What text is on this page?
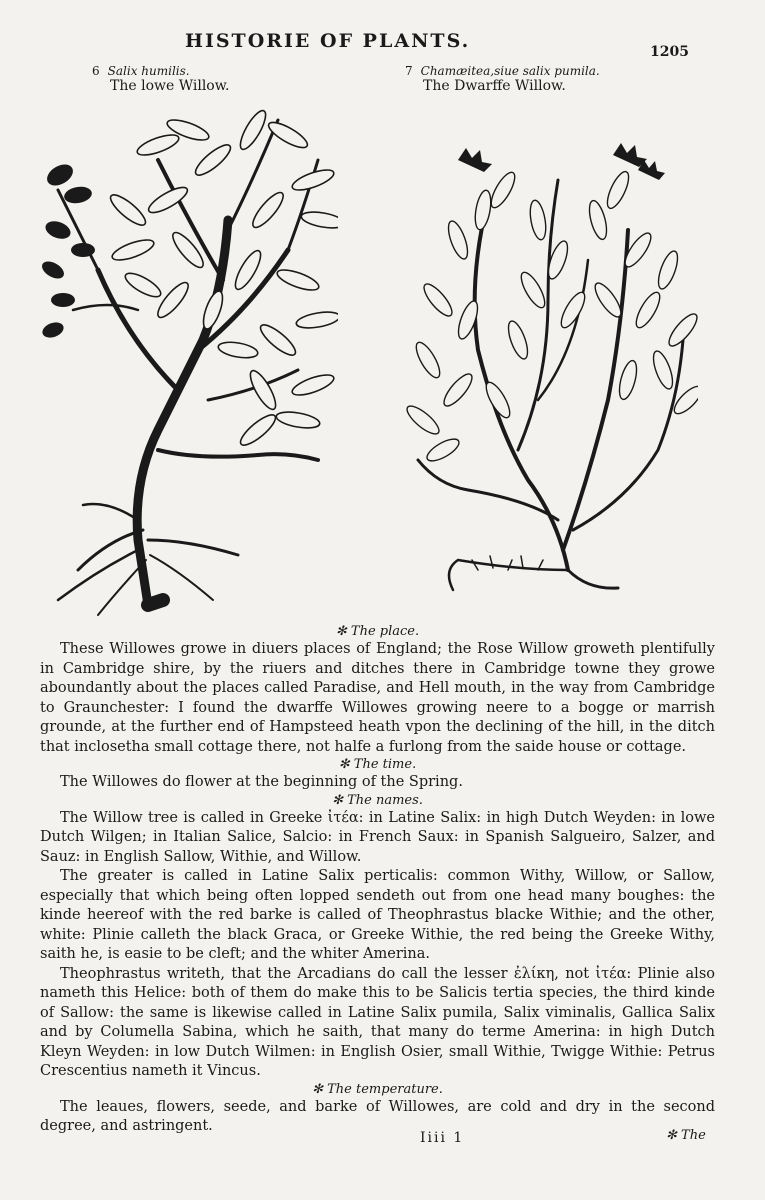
HISTORIE OF PLANTS.	1205
6 Salix humilis.
The lowe Willow.
7 Chamæitea,siue salix pumila.
The Dwarffe Willow.
✻ The place.

These Willowes growe in diuers places of England; the Rose Willow groweth plentifully in Cambridge shire, by the riuers and ditches there in Cambridge towne they growe aboundantly about the places called Paradise, and Hell mouth, in the way from Cambridge to Graunchester: I found the dwarffe Willowes growing neere to a bogge or marrish grounde, at the further end of Hampsteed heath vpon the declining of the hill, in the ditch that inclosetha small cottage there, not halfe a furlong from the saide house or cottage.

✻ The time.

The Willowes do flower at the beginning of the Spring.

✻ The names.

The Willow tree is called in Greeke ἰτέα: in Latine Salix: in high Dutch Weyden: in lowe Dutch Wilgen; in Italian Salice, Salcio: in French Saux: in Spanish Salgueiro, Salzer, and Sauz: in English Sallow, Withie, and Willow.

The greater is called in Latine Salix perticalis: common Withy, Willow, or Sallow, especially that which being often lopped sendeth out from one head many boughes: the kinde heereof with the red barke is called of Theophrastus blacke Withie; and the other, white: Plinie calleth the black Graca, or Greeke Withie, the red being the Greeke Withy, saith he, is easie to be cleft; and the whiter Amerina.

Theophrastus writeth, that the Arcadians do call the lesser ἐλίκη, not ἰτέα: Plinie also nameth this Helice: both of them do make this to be Salicis tertia species, the third kinde of Sallow: the same is likewise called in Latine Salix pumila, Salix viminalis, Gallica Salix and by Columella Sabina, which he saith, that many do terme Amerina: in high Dutch Kleyn Weyden: in low Dutch Wilmen: in English Osier, small Withie, Twigge Withie: Petrus Crescentius nameth it Vincus.

✻ The temperature.

The leaues, flowers, seede, and barke of Willowes, are cold and dry in the second degree, and astringent.

Iiii 1	✻ The
